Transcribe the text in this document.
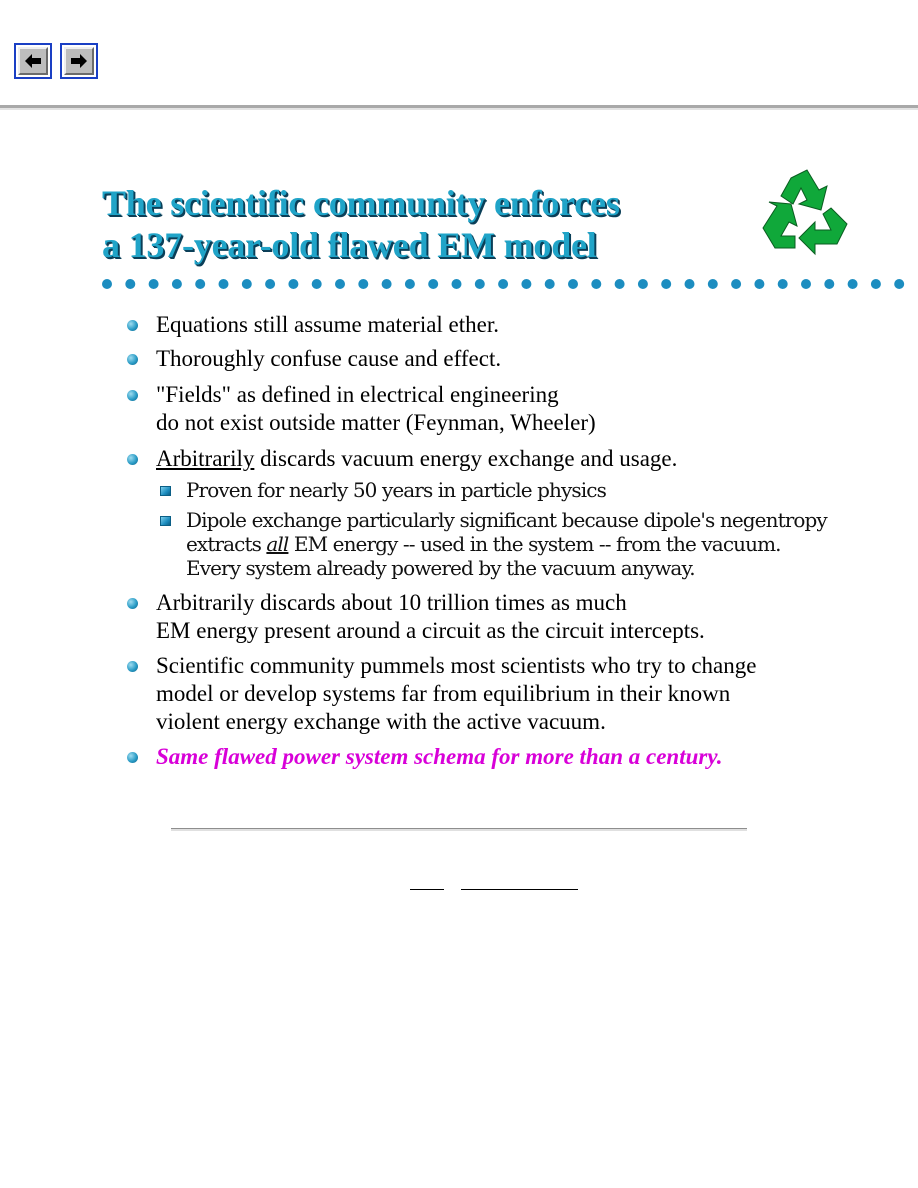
The scientific community enforces
a 137-year-old flawed EM model
Equations still assume material ether.
Thoroughly confuse cause and effect.
"Fields" as defined in electrical engineering
do not exist outside matter (Feynman, Wheeler)
Arbitrarily discards vacuum energy exchange and usage.
Proven for nearly 50 years in particle physics
Dipole exchange particularly significant because dipole's negentropy
extracts all EM energy -- used in the system -- from the vacuum.
Every system already powered by the vacuum anyway.
Arbitrarily discards about 10 trillion times as much
EM energy present around a circuit as the circuit intercepts.
Scientific community pummels most scientists who try to change
model or develop systems far from equilibrium in their known
violent energy exchange with the active vacuum.
Same flawed power system schema for more than a century.
